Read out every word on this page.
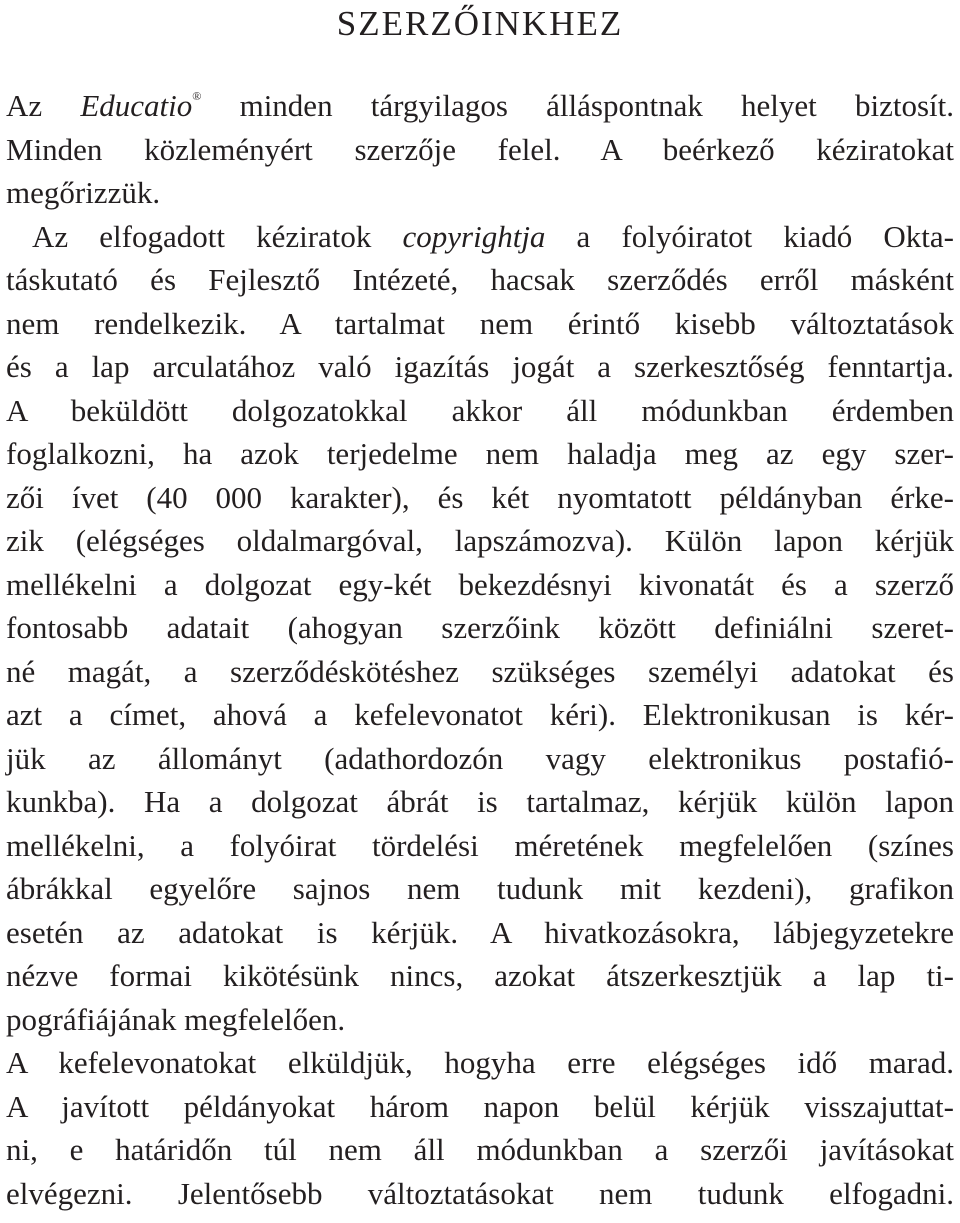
SZERZŐINKHEZ
Az Educatio® minden tárgyilagos álláspontnak helyet biztosít.
Minden közleményért szerzője felel. A beérkező kéziratokat
megőrizzük.
Az elfogadott kéziratok copyrightja a folyóiratot kiadó Okta-
táskutató és Fejlesztő Intézeté, hacsak szerződés erről másként
nem rendelkezik. A tartalmat nem érintő kisebb változtatások
és a lap arculatához való igazítás jogát a szerkesztőség fenntartja.
A beküldött dolgozatokkal akkor áll módunkban érdemben
foglalkozni, ha azok terjedelme nem haladja meg az egy szer-
zői ívet (40 000 karakter), és két nyomtatott példányban érke-
zik (elégséges oldalmargóval, lapszámozva). Külön lapon kérjük
mellékelni a dolgozat egy-két bekezdésnyi kivonatát és a szerző
fontosabb adatait (ahogyan szerzőink között definiálni szeret-
né magát, a szerződéskötéshez szükséges személyi adatokat és
azt a címet, ahová a kefelevonatot kéri). Elektronikusan is kér-
jük az állományt (adathordozón vagy elektronikus postafió-
kunkba). Ha a dolgozat ábrát is tartalmaz, kérjük külön lapon
mellékelni, a folyóirat tördelési méretének megfelelően (színes
ábrákkal egyelőre sajnos nem tudunk mit kezdeni), grafikon
esetén az adatokat is kérjük. A hivatkozásokra, lábjegyzetekre
nézve formai kikötésünk nincs, azokat átszerkesztjük a lap ti-
pográfiájának megfelelően.
A kefelevonatokat elküldjük, hogyha erre elégséges idő marad.
A javított példányokat három napon belül kérjük visszajuttat-
ni, e határidőn túl nem áll módunkban a szerzői javításokat
elvégezni. Jelentősebb változtatásokat nem tudunk elfogadni.
